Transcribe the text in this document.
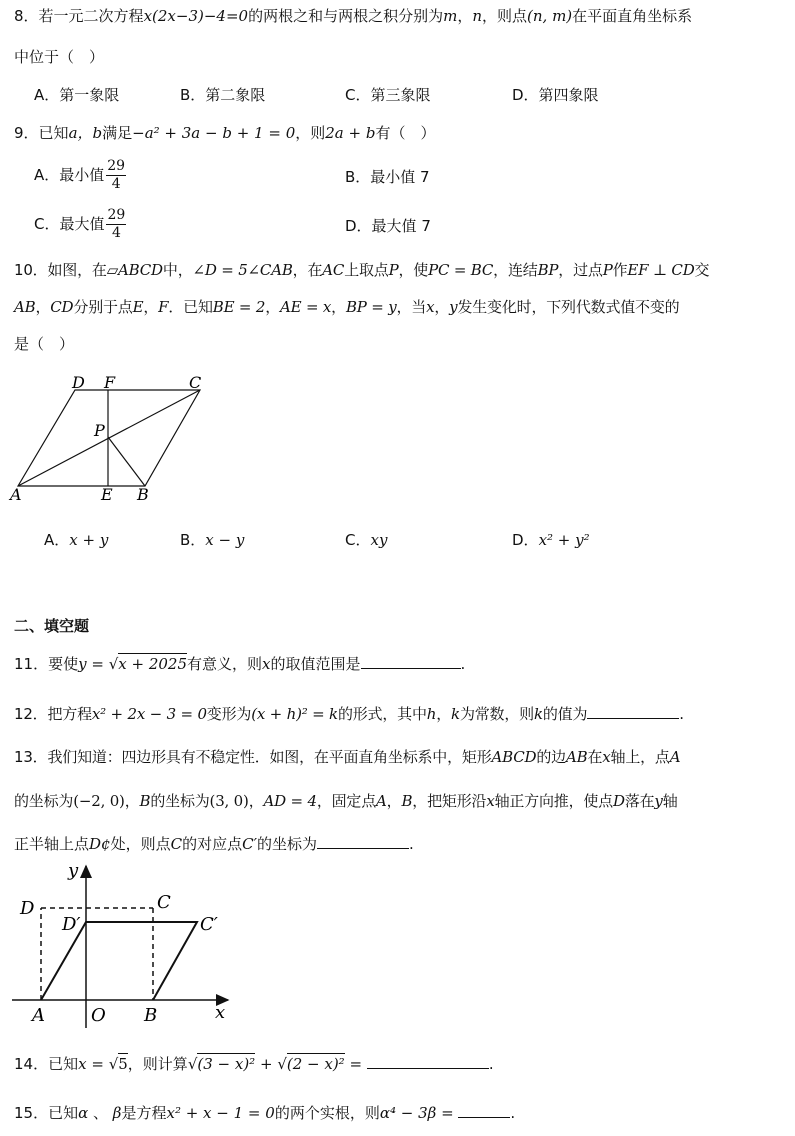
8．若一元二次方程x(2x−3)−4=0的两根之和与两根之积分别为m，n，则点(n, m)在平面直角坐标系
中位于（　）
A．第一象限	B．第二象限	C．第三象限	D．第四象限
9．已知a，b满足−a² + 3a − b + 1 = 0，则2a + b有（　）
A．最小值 $\frac{29}{4}$	B．最小值 7
C．最大值 $\frac{29}{4}$	D．最大值 7
10．如图，在▱ABCD中，∠D = 5∠CAB，在AC上取点P，使PC = BC，连结BP，过点P作EF ⊥ CD交
AB，CD分别于点E，F．已知BE = 2，AE = x，BP = y，当x，y发生变化时，下列代数式值不变的
是（　）
D F	C
P
A	E B
A．x + y	B．x − y	C．xy	D．x² + y²
二、填空题
11．要使y = √x + 2025有意义，则x的取值范围是	.
12．把方程x² + 2x − 3 = 0变形为(x + h)² = k的形式，其中h，k为常数，则k的值为	.
13．我们知道：四边形具有不稳定性．如图，在平面直角坐标系中，矩形ABCD的边AB在x轴上，点A
的坐标为(−2, 0)，B的坐标为(3, 0)，AD = 4，固定点A，B，把矩形沿x轴正方向推，使点D落在y轴
正半轴上点D¢处，则点C的对应点C′的坐标为	.
y
D	C
D′	C′
A	O B	x
14．已知x = √5，则计算√(3 − x)² + √(2 − x)² =	.
15．已知α 、 β是方程x² + x − 1 = 0的两个实根，则α⁴ − 3β =	.
